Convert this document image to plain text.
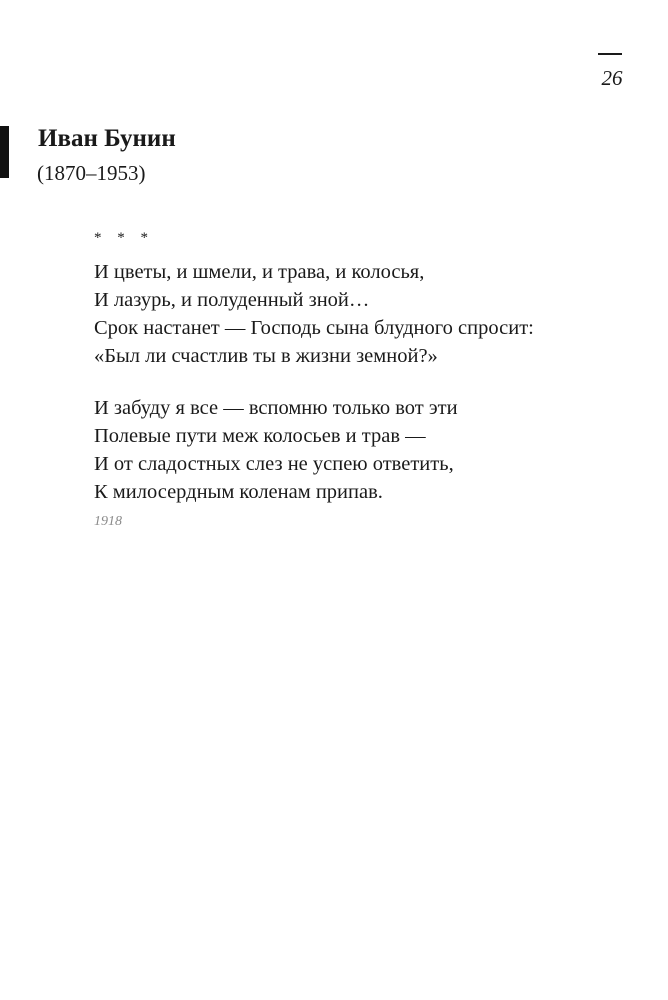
26
Иван Бунин
(1870–1953)
* * *

И цветы, и шмели, и трава, и колосья,
И лазурь, и полуденный зной…
Срок настанет — Господь сына блудного спросит:
«Был ли счастлив ты в жизни земной?»

И забуду я все — вспомню только вот эти
Полевые пути меж колосьев и трав —
И от сладостных слез не успею ответить,
К милосердным коленам припав.

1918
